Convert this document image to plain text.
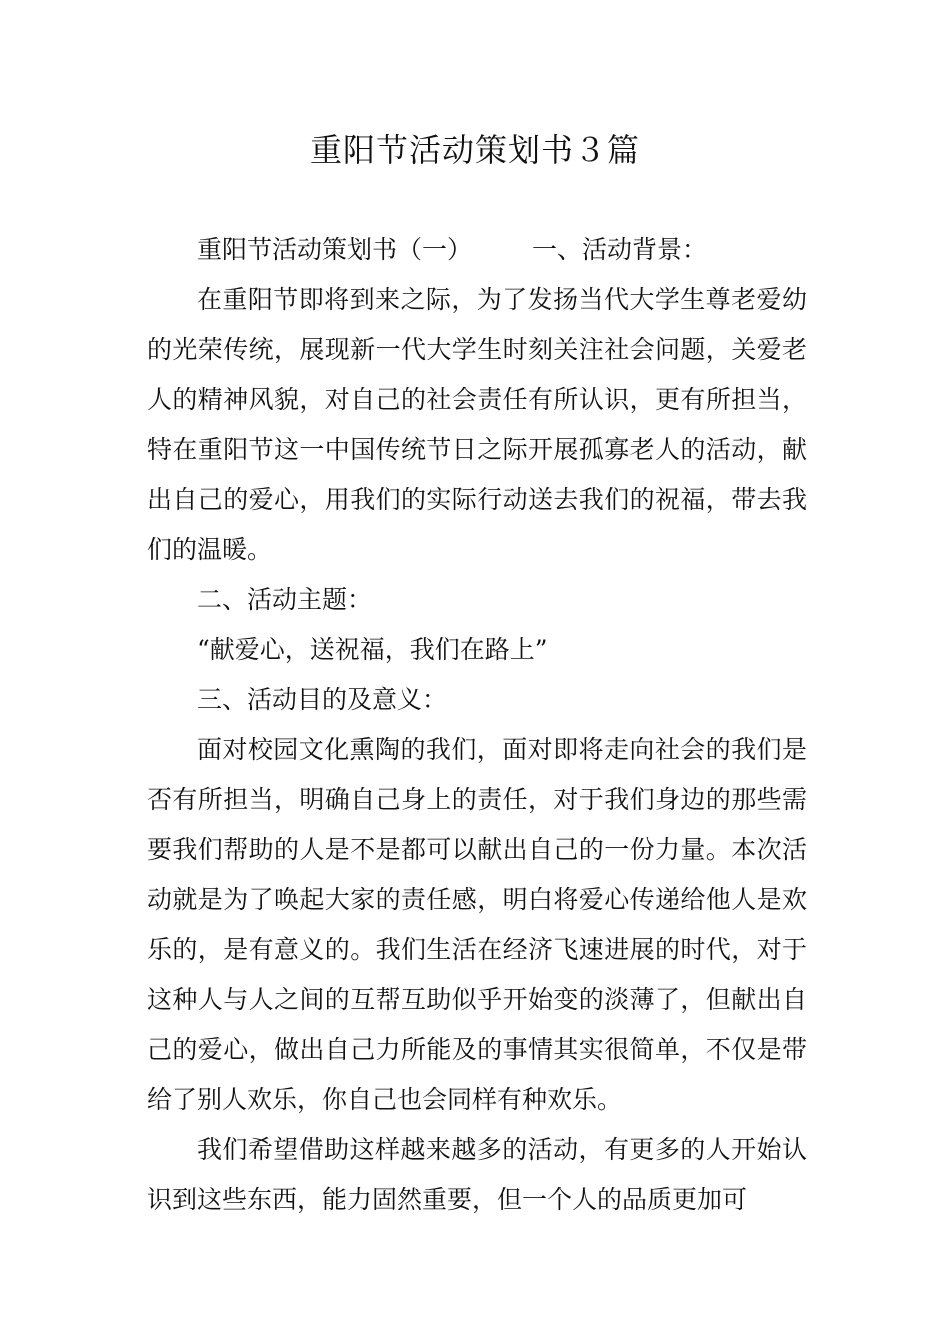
重阳节活动策划书３篇

重阳节活动策划书（一） 一、活动背景：

在重阳节即将到来之际，为了发扬当代大学生尊老爱幼的光荣传统，展现新一代大学生时刻关注社会问题，关爱老人的精神风貌，对自己的社会责任有所认识，更有所担当，特在重阳节这一中国传统节日之际开展孤寡老人的活动，献出自己的爱心，用我们的实际行动送去我们的祝福，带去我们的温暖。

二、活动主题：

“献爱心，送祝福，我们在路上”

三、活动目的及意义：

面对校园文化熏陶的我们，面对即将走向社会的我们是否有所担当，明确自己身上的责任，对于我们身边的那些需要我们帮助的人是不是都可以献出自己的一份力量。本次活动就是为了唤起大家的责任感，明白将爱心传递给他人是欢乐的，是有意义的。我们生活在经济飞速进展的时代，对于这种人与人之间的互帮互助似乎开始变的淡薄了，但献出自己的爱心，做出自己力所能及的事情其实很简单，不仅是带给了别人欢乐，你自己也会同样有种欢乐。

我们希望借助这样越来越多的活动，有更多的人开始认识到这些东西，能力固然重要，但一个人的品质更加可
